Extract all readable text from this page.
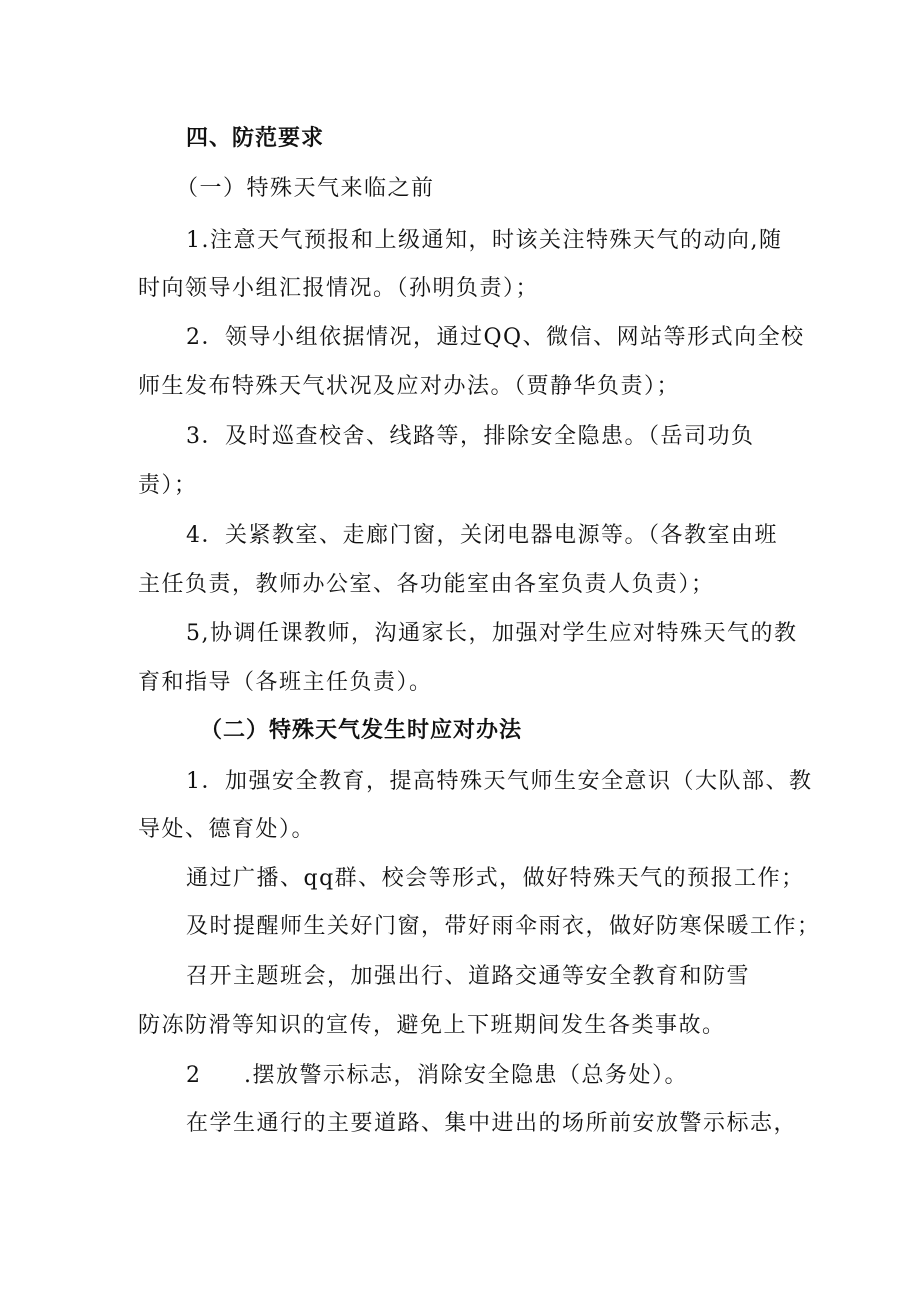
四、防范要求
（一）特殊天气来临之前
1.注意天气预报和上级通知，时该关注特殊天气的动向,随
时向领导小组汇报情况。（孙明负责）；
2．领导小组依据情况，通过QQ、微信、网站等形式向全校
师生发布特殊天气状况及应对办法。（贾静华负责）；
3．及时巡查校舍、线路等，排除安全隐患。（岳司功负
责）；
4．关紧教室、走廊门窗，关闭电器电源等。（各教室由班
主任负责，教师办公室、各功能室由各室负责人负责）；
5,协调任课教师，沟通家长，加强对学生应对特殊天气的教
育和指导（各班主任负责）。
（二）特殊天气发生时应对办法
1．加强安全教育，提高特殊天气师生安全意识（大队部、教
导处、德育处）。
通过广播、qq群、校会等形式，做好特殊天气的预报工作；
及时提醒师生关好门窗，带好雨伞雨衣，做好防寒保暖工作；
召开主题班会，加强出行、道路交通等安全教育和防雪
防冻防滑等知识的宣传，避免上下班期间发生各类事故。
2 .摆放警示标志，消除安全隐患（总务处）。
在学生通行的主要道路、集中进出的场所前安放警示标志，
